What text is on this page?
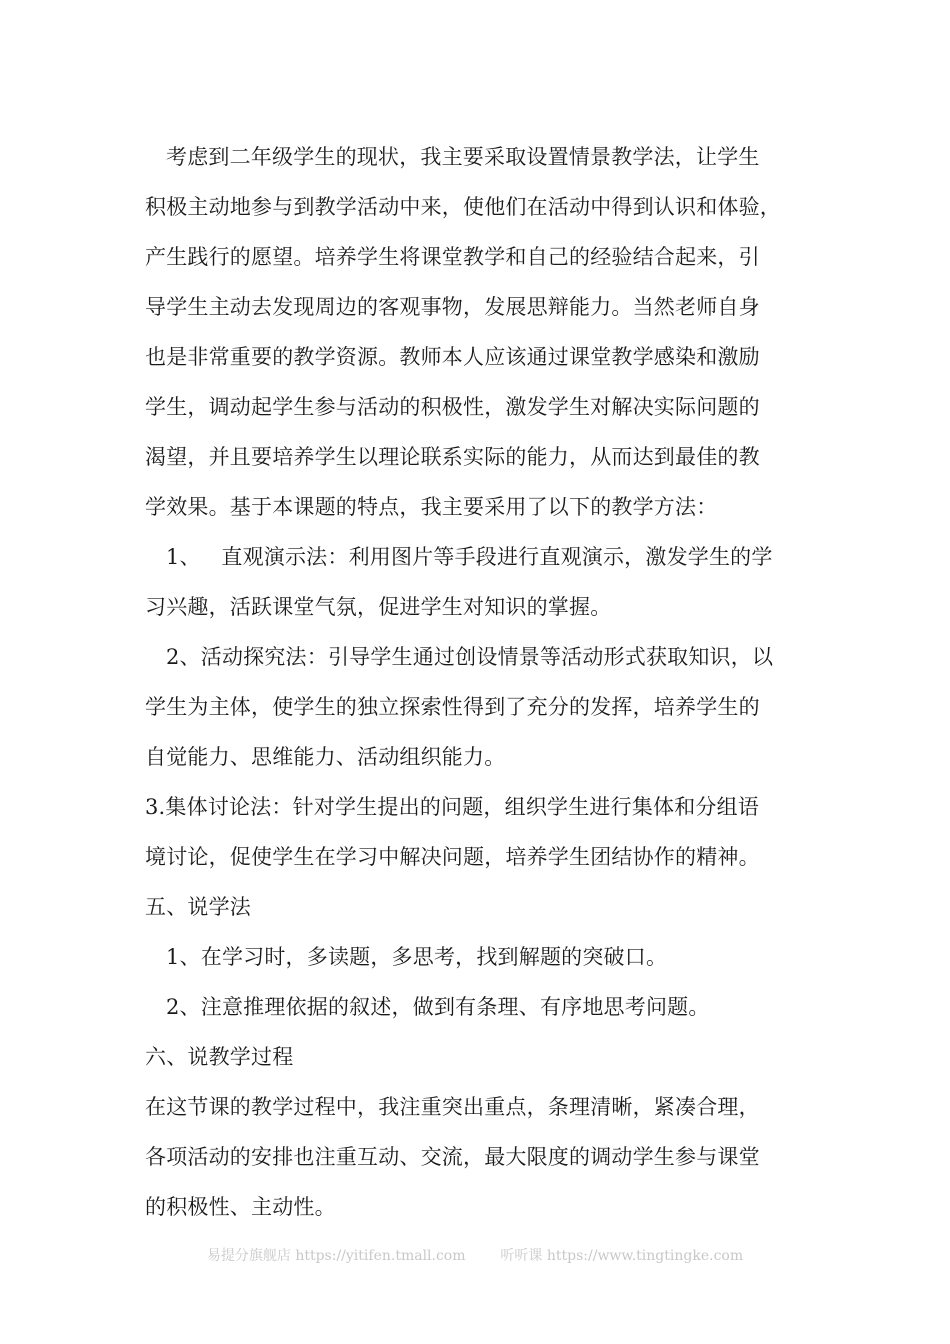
考虑到二年级学生的现状，我主要采取设置情景教学法，让学生
积极主动地参与到教学活动中来，使他们在活动中得到认识和体验，
产生践行的愿望。培养学生将课堂教学和自己的经验结合起来，引
导学生主动去发现周边的客观事物，发展思辩能力。当然老师自身
也是非常重要的教学资源。教师本人应该通过课堂教学感染和激励
学生，调动起学生参与活动的积极性，激发学生对解决实际问题的
渴望，并且要培养学生以理论联系实际的能力，从而达到最佳的教
学效果。基于本课题的特点，我主要采用了以下的教学方法：
1、   直观演示法：利用图片等手段进行直观演示，激发学生的学
习兴趣，活跃课堂气氛，促进学生对知识的掌握。
2、活动探究法：引导学生通过创设情景等活动形式获取知识，以
学生为主体，使学生的独立探索性得到了充分的发挥，培养学生的
自觉能力、思维能力、活动组织能力。
3.集体讨论法：针对学生提出的问题，组织学生进行集体和分组语
境讨论，促使学生在学习中解决问题，培养学生团结协作的精神。
五、说学法
1、在学习时，多读题，多思考，找到解题的突破口。
2、注意推理依据的叙述，做到有条理、有序地思考问题。
六、说教学过程
在这节课的教学过程中，我注重突出重点，条理清晰，紧凑合理，
各项活动的安排也注重互动、交流，最大限度的调动学生参与课堂
的积极性、主动性。
易提分旗舰店 https://yitifen.tmall.com 听听课 https://www.tingtingke.com
